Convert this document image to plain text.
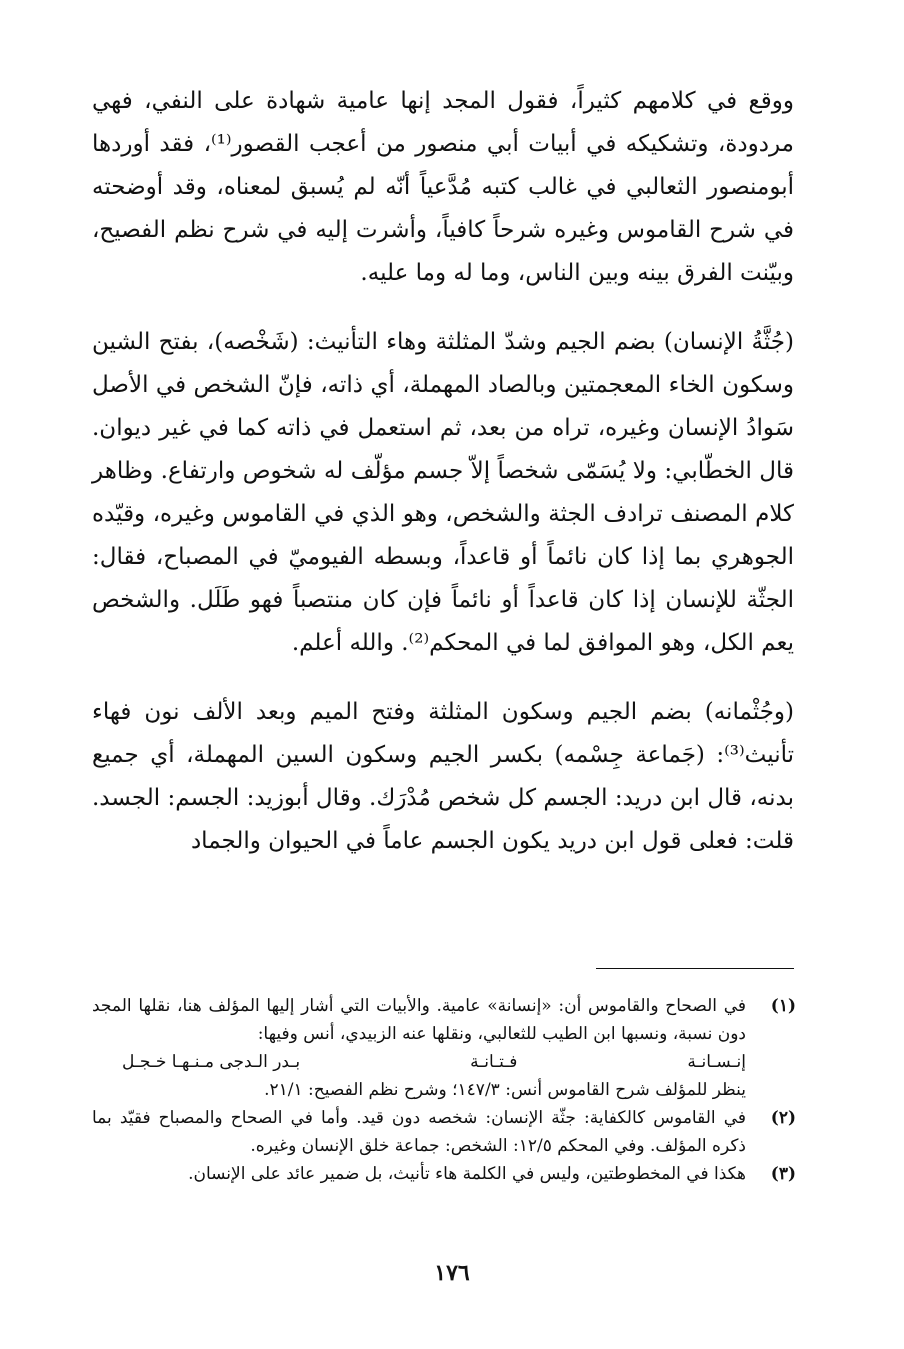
ووقع في كلامهم كثيراً، فقول المجد إنها عامية شهادة على النفي، فهي مردودة، وتشكيكه في أبيات أبي منصور من أعجب القصور⁽¹⁾، فقد أوردها أبومنصور الثعالبي في غالب كتبه مُدَّعياً أنّه لم يُسبق لمعناه، وقد أوضحته في شرح القاموس وغيره شرحاً كافياً، وأشرت إليه في شرح نظم الفصيح، وبيّنت الفرق بينه وبين الناس، وما له وما عليه.

(جُثَّةُ الإنسان) بضم الجيم وشدّ المثلثة وهاء التأنيث: (شَخْصه)، بفتح الشين وسكون الخاء المعجمتين وبالصاد المهملة، أي ذاته، فإنّ الشخص في الأصل سَوادُ الإنسان وغيره، تراه من بعد، ثم استعمل في ذاته كما في غير ديوان. قال الخطّابي: ولا يُسَمّى شخصاً إلاّ جسم مؤلّف له شخوص وارتفاع. وظاهر كلام المصنف ترادف الجثة والشخص، وهو الذي في القاموس وغيره، وقيّده الجوهري بما إذا كان نائماً أو قاعداً، وبسطه الفيوميّ في المصباح، فقال: الجثّة للإنسان إذا كان قاعداً أو نائماً فإن كان منتصباً فهو طَلَل. والشخص يعم الكل، وهو الموافق لما في المحكم⁽²⁾. والله أعلم.

(وجُثْمانه) بضم الجيم وسكون المثلثة وفتح الميم وبعد الألف نون فهاء تأنيث⁽³⁾: (جَماعة جِسْمه) بكسر الجيم وسكون السين المهملة، أي جميع بدنه، قال ابن دريد: الجسم كل شخص مُدْرَك. وقال أبوزيد: الجسم: الجسد. قلت: فعلى قول ابن دريد يكون الجسم عاماً في الحيوان والجماد

(١)
في الصحاح والقاموس أن: «إنسانة» عامية. والأبيات التي أشار إليها المؤلف هنا، نقلها المجد دون نسبة، ونسبها ابن الطيب للثعالبي، ونقلها عنه الزبيدي، أنس وفيها:
إنـسـانـة
فـتـانـة
بـدر الـدجى مـنـهـا خـجـل
ينظر للمؤلف شرح القاموس أنس: ١٤٧/٣؛ وشرح نظم الفصيح: ٢١/١.
(٢)
في القاموس كالكفاية: جثّة الإنسان: شخصه دون قيد. وأما في الصحاح والمصباح فقيّد بما ذكره المؤلف. وفي المحكم ١٢/٥: الشخص: جماعة خلق الإنسان وغيره.
(٣)
هكذا في المخطوطتين، وليس في الكلمة هاء تأنيث، بل ضمير عائد على الإنسان.
١٧٦
